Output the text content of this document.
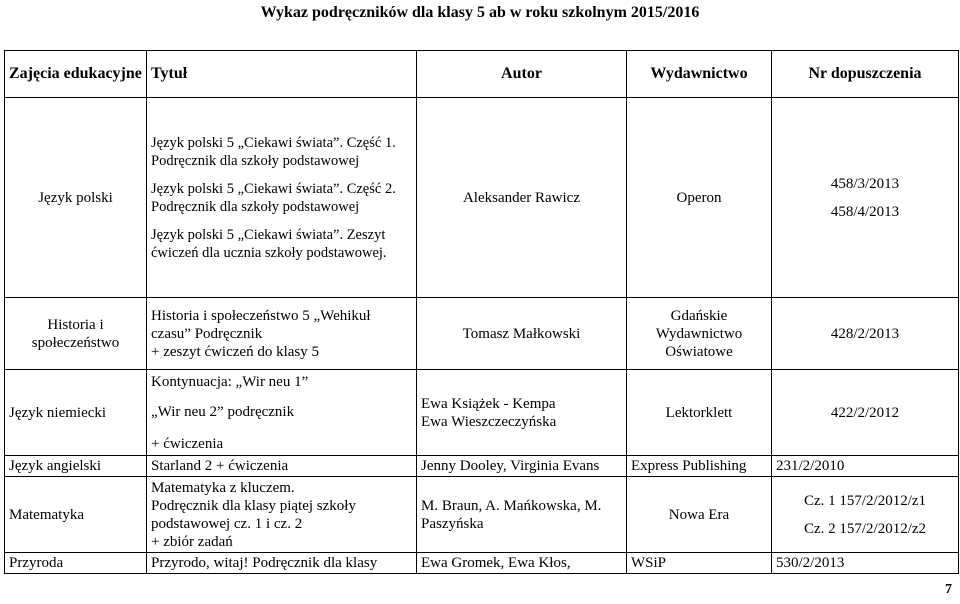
Wykaz podręczników dla klasy 5 ab w roku szkolnym 2015/2016
Zajęcia edukacyjne	Tytuł	Autor	Wydawnictwo	Nr dopuszczenia
Język polski	Język polski 5 „Ciekawi świata”. Część 1. Podręcznik dla szkoły podstawowej
Język polski 5 „Ciekawi świata”. Część 2. Podręcznik dla szkoły podstawowej
Język polski 5 „Ciekawi świata”. Zeszyt ćwiczeń dla ucznia szkoły podstawowej.	Aleksander Rawicz	Operon	458/3/2013
458/4/2013

Historia i społeczeństwo	Historia i społeczeństwo 5 „Wehikuł
czasu” Podręcznik
+ zeszyt ćwiczeń do klasy 5	Tomasz Małkowski	Gdańskie
Wydawnictwo
Oświatowe	428/2/2013
Język niemiecki	Kontynuacja: „Wir neu 1”
„Wir neu 2” podręcznik
+ ćwiczenia	Ewa Książek - Kempa
Ewa Wieszczeczyńska	Lektorklett	422/2/2012
Język angielski	Starland 2 + ćwiczenia	Jenny Dooley, Virginia Evans	Express Publishing	231/2/2010
Matematyka	Matematyka z kluczem.
Podręcznik dla klasy piątej szkoły
podstawowej cz. 1 i cz. 2
+ zbiór zadań	M. Braun, A. Mańkowska, M.
Paszyńska	Nowa Era	Cz. 1 157/2/2012/z1
Cz. 2 157/2/2012/z2

Przyroda	Przyrodo, witaj! Podręcznik dla klasy	Ewa Gromek, Ewa Kłos,	WSiP	530/2/2013
7
